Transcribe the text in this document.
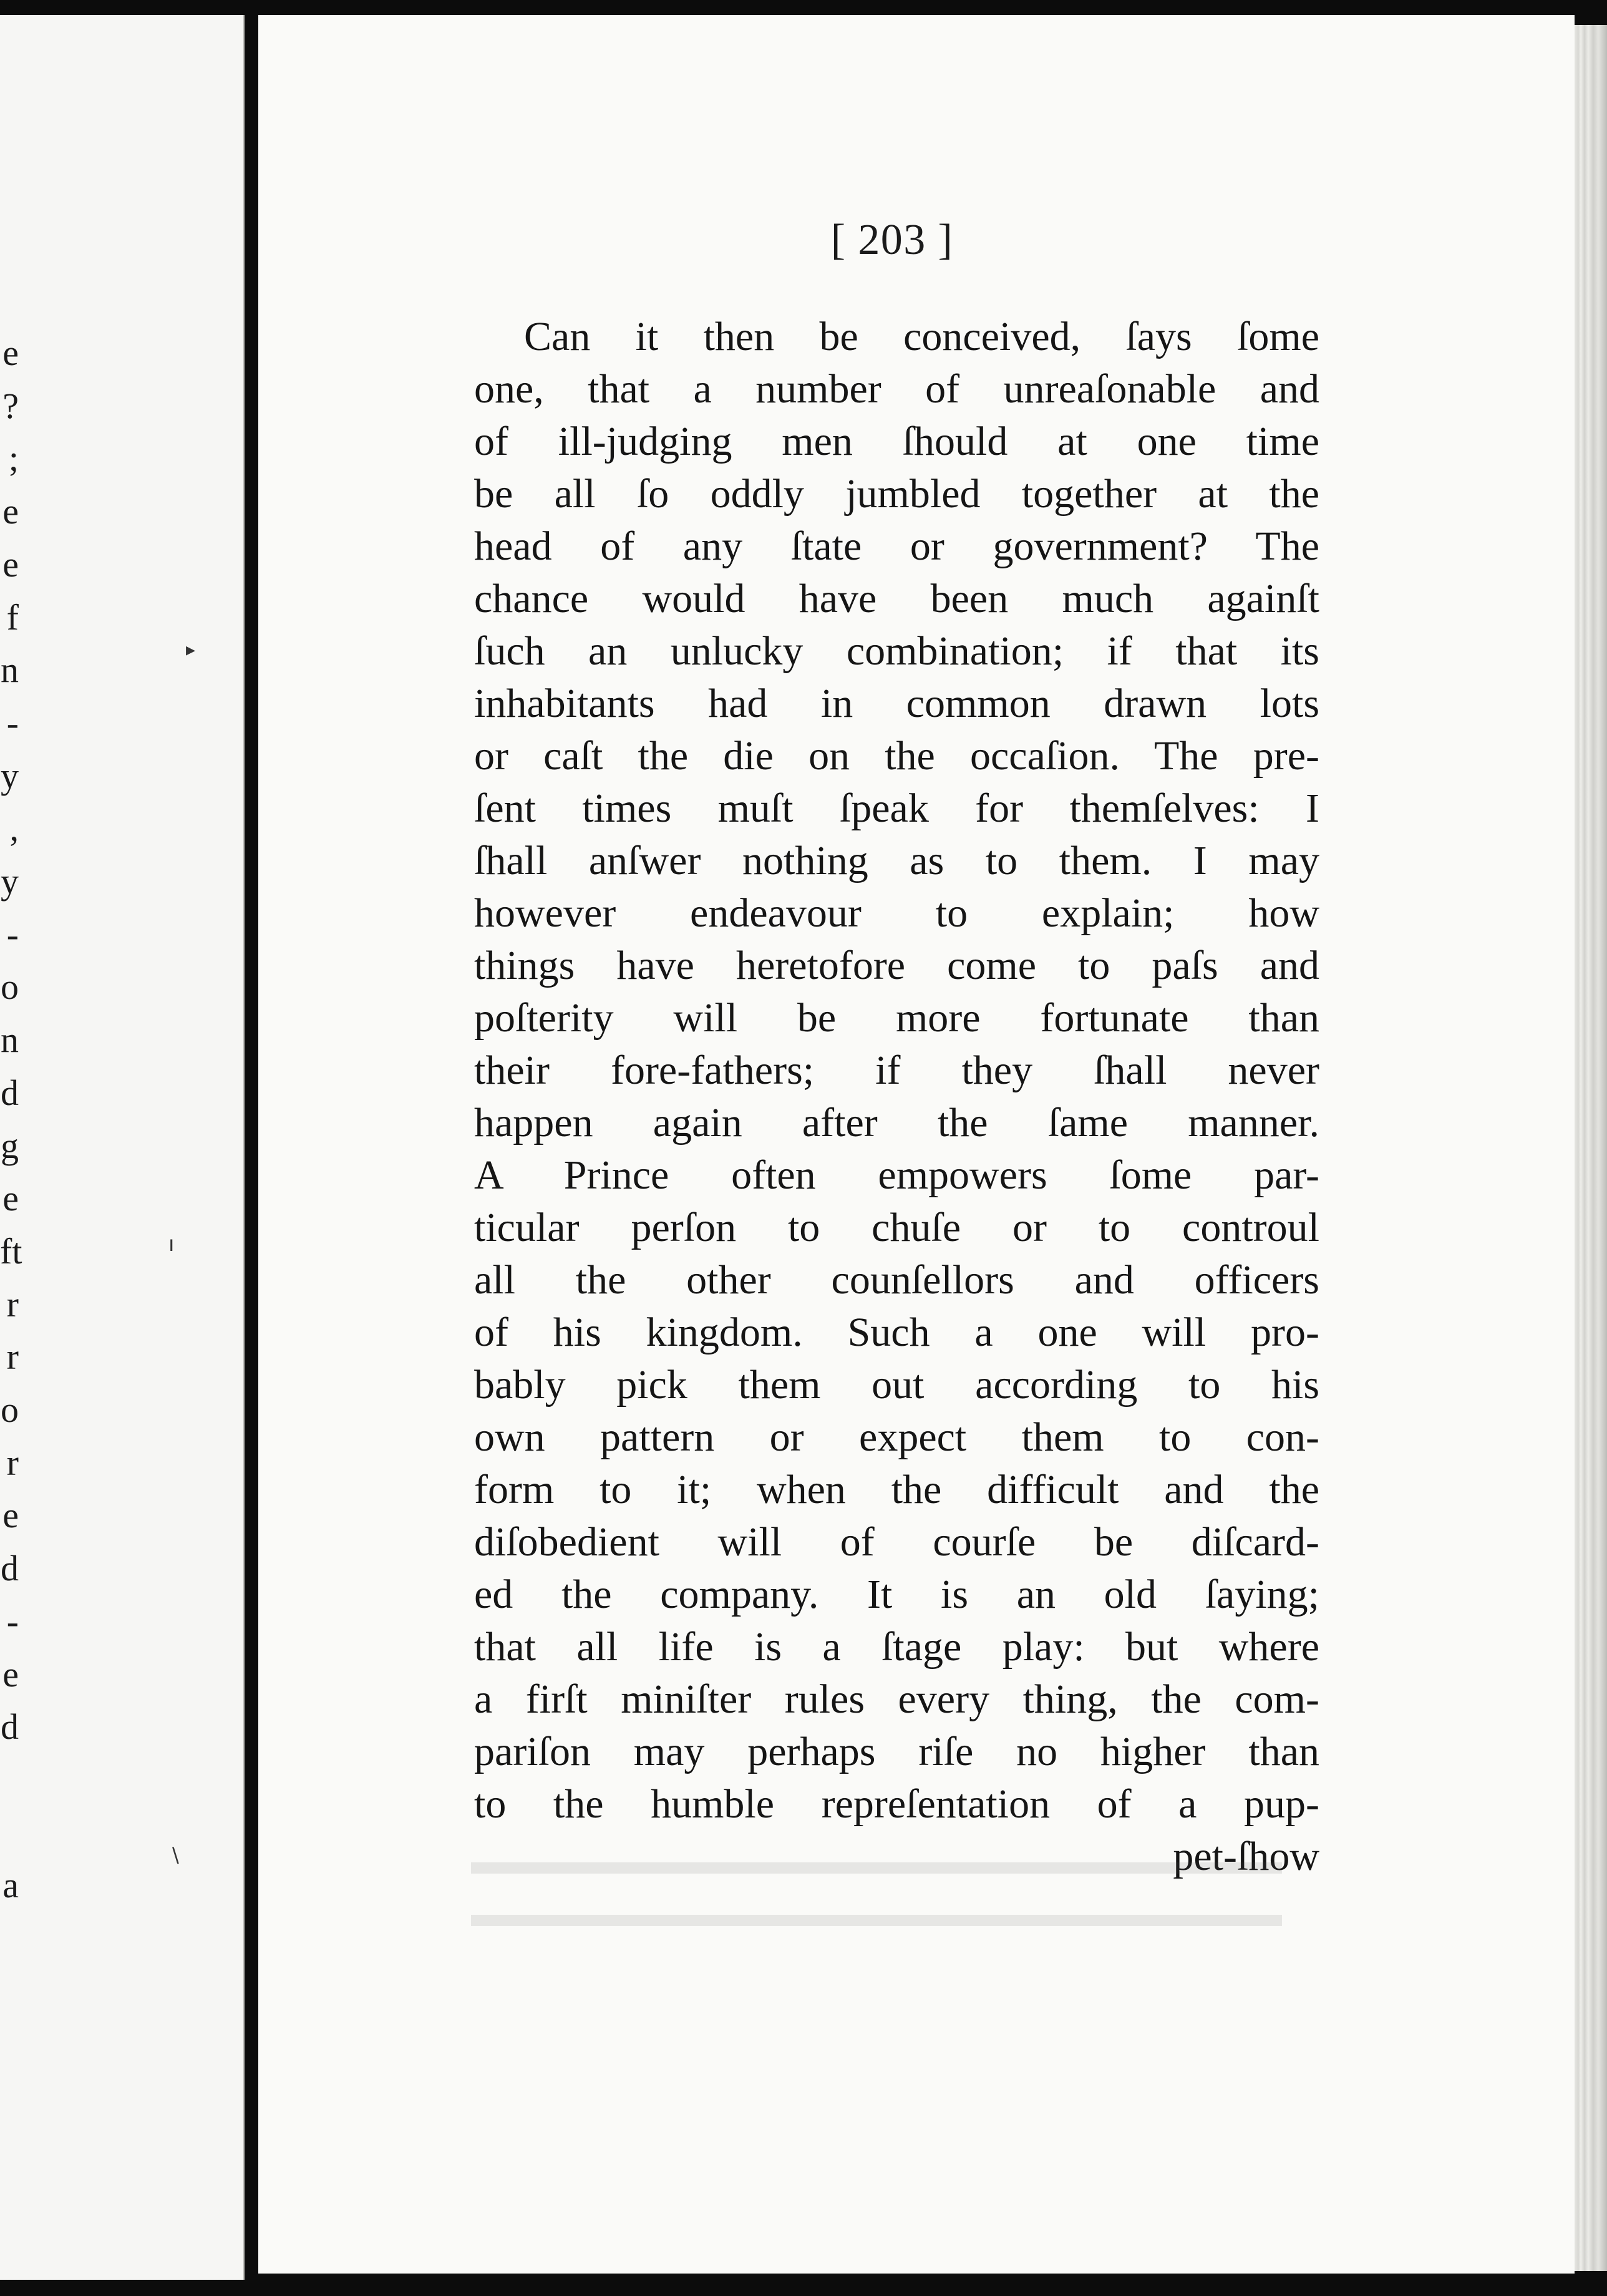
e
?
;
e
e
f
n
-
y
,
y
-
o
n
d
g
e
ft
r
r
o
r
e
d
-
e
d

a
▸
ı
\
[ 203 ]
Can it then be conceived, ſays ſome
one, that a number of unreaſonable and
of ill-judging men ſhould at one time
be all ſo oddly jumbled together at the
head of any ſtate or government? The
chance would have been much againſt
ſuch an unlucky combination; if that its
inhabitants had in common drawn lots
or caſt the die on the occaſion. The pre-
ſent times muſt ſpeak for themſelves: I
ſhall anſwer nothing as to them. I may
however endeavour to explain; how
things have heretofore come to paſs and
poſterity will be more fortunate than
their fore-fathers; if they ſhall never
happen again after the ſame manner.
A Prince often empowers ſome par-
ticular perſon to chuſe or to controul
all the other counſellors and officers
of his kingdom. Such a one will pro-
bably pick them out according to his
own pattern or expect them to con-
form to it; when the difficult and the
diſobedient will of courſe be diſcard-
ed the company. It is an old ſaying;
that all life is a ſtage play: but where
a firſt miniſter rules every thing, the com-
pariſon may perhaps riſe no higher than
to the humble repreſentation of a pup-
pet-ſhow
